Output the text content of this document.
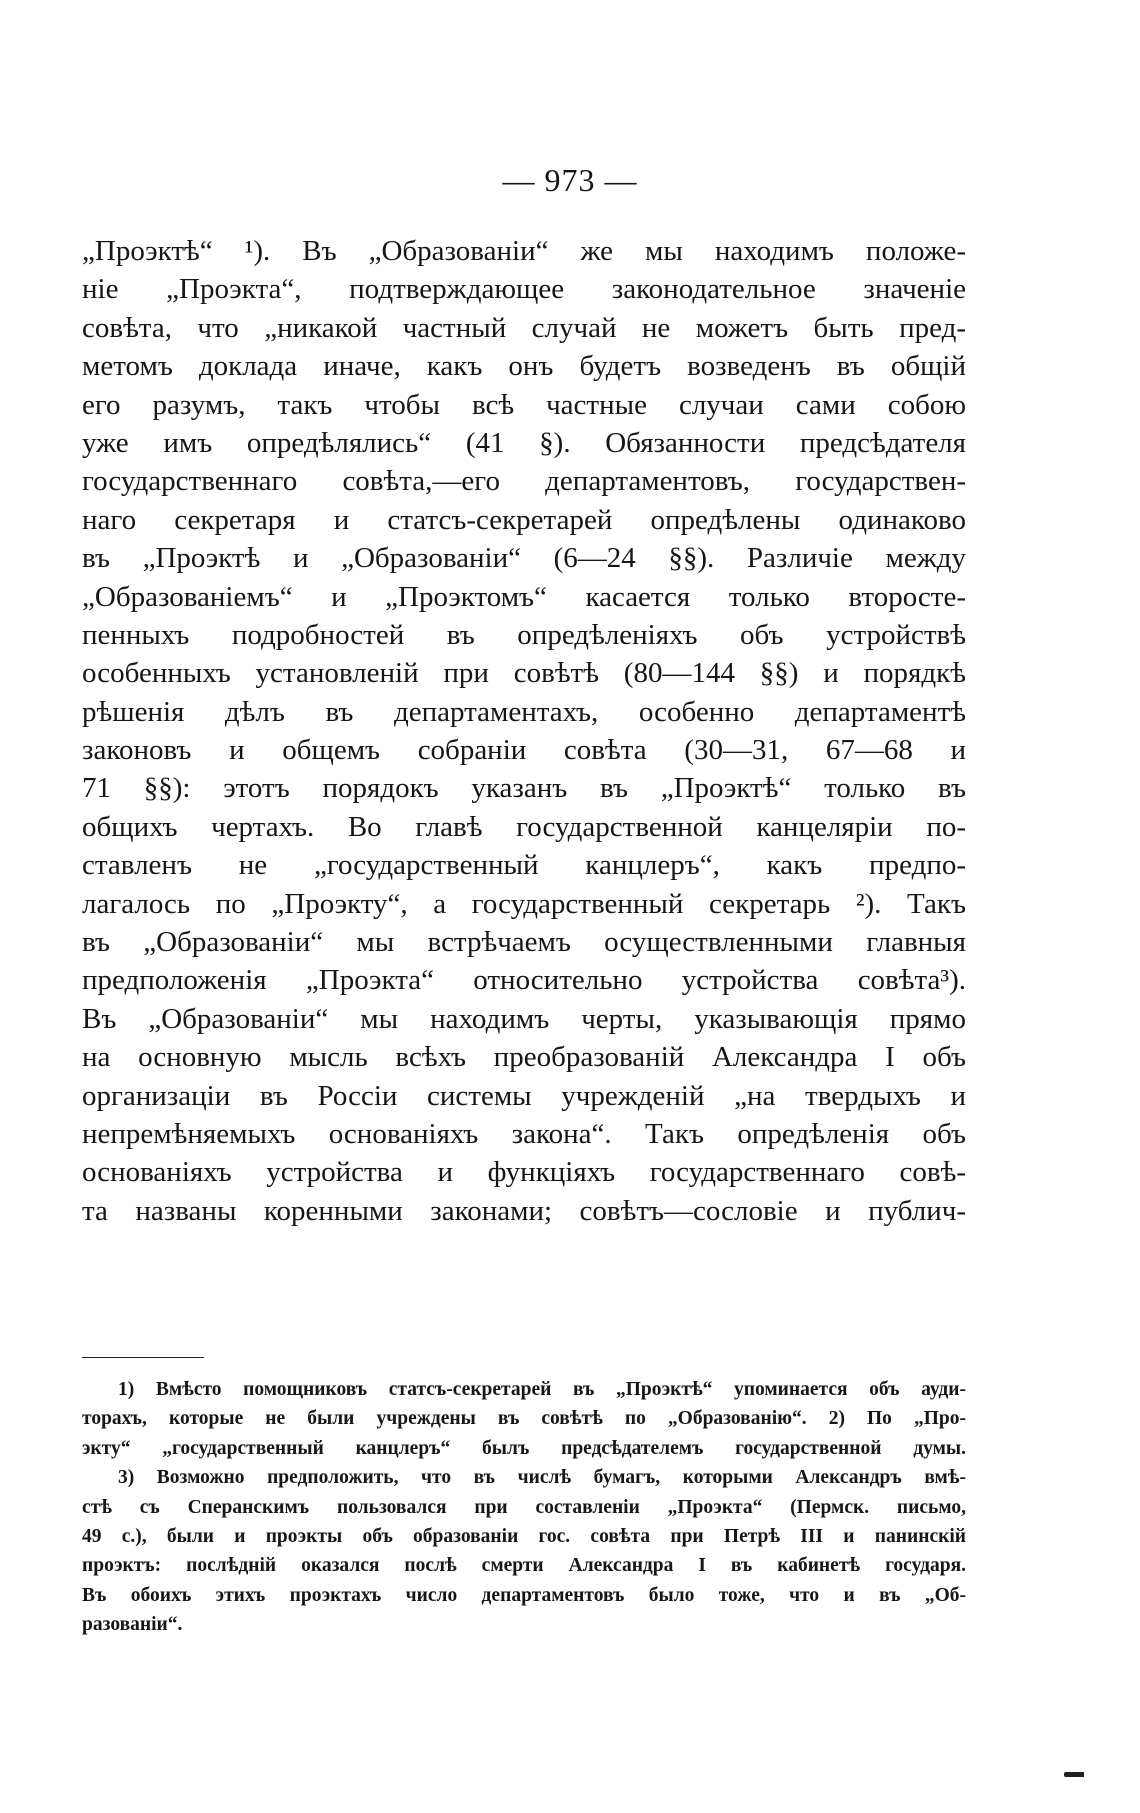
— 973 —
„Проэктѣ“ ¹). Въ „Образованіи“ же мы находимъ положе-
ніе „Проэкта“, подтверждающее законодательное значеніе
совѣта, что „никакой частный случай не можетъ быть пред-
метомъ доклада иначе, какъ онъ будетъ возведенъ въ общій
его разумъ, такъ чтобы всѣ частные случаи сами собою
уже имъ опредѣлялись“ (41 §). Обязанности предсѣдателя
государственнаго совѣта,—его департаментовъ, государствен-
наго секретаря и статсъ-секретарей опредѣлены одинаково
въ „Проэктѣ и „Образованіи“ (6—24 §§). Различіе между
„Образованіемъ“ и „Проэктомъ“ касается только второсте-
пенныхъ подробностей въ опредѣленіяхъ объ устройствѣ
особенныхъ установленій при совѣтѣ (80—144 §§) и порядкѣ
рѣшенія дѣлъ въ департаментахъ, особенно департаментѣ
законовъ и общемъ собраніи совѣта (30—31, 67—68 и
71 §§): этотъ порядокъ указанъ въ „Проэктѣ“ только въ
общихъ чертахъ. Во главѣ государственной канцеляріи по-
ставленъ не „государственный канцлеръ“, какъ предпо-
лагалось по „Проэкту“, а государственный секретарь ²). Такъ
въ „Образованіи“ мы встрѣчаемъ осуществленными главныя
предположенія „Проэкта“ относительно устройства совѣта³).
Въ „Образованіи“ мы находимъ черты, указывающія прямо
на основную мысль всѣхъ преобразованій Александра I объ
организаціи въ Россіи системы учрежденій „на твердыхъ и
непремѣняемыхъ основаніяхъ закона“. Такъ опредѣленія объ
основаніяхъ устройства и функціяхъ государственнаго совѣ-
та названы коренными законами; совѣтъ—сословіе и публич-
1) Вмѣсто помощниковъ статсъ-секретарей въ „Проэктѣ“ упоминается объ ауди-
торахъ, которые не были учреждены въ совѣтѣ по „Образованію“. 2) По „Про-
экту“ „государственный канцлеръ“ былъ предсѣдателемъ государственной думы.
3) Возможно предположить, что въ числѣ бумагъ, которыми Александръ вмѣ-
стѣ съ Сперанскимъ пользовался при составленіи „Проэкта“ (Пермск. письмо,
49 с.), были и проэкты объ образованіи гос. совѣта при Петрѣ III и панинскій
проэктъ: послѣдній оказался послѣ смерти Александра I въ кабинетѣ государя.
Въ обоихъ этихъ проэктахъ число департаментовъ было тоже, что и въ „Об-
разованіи“.
